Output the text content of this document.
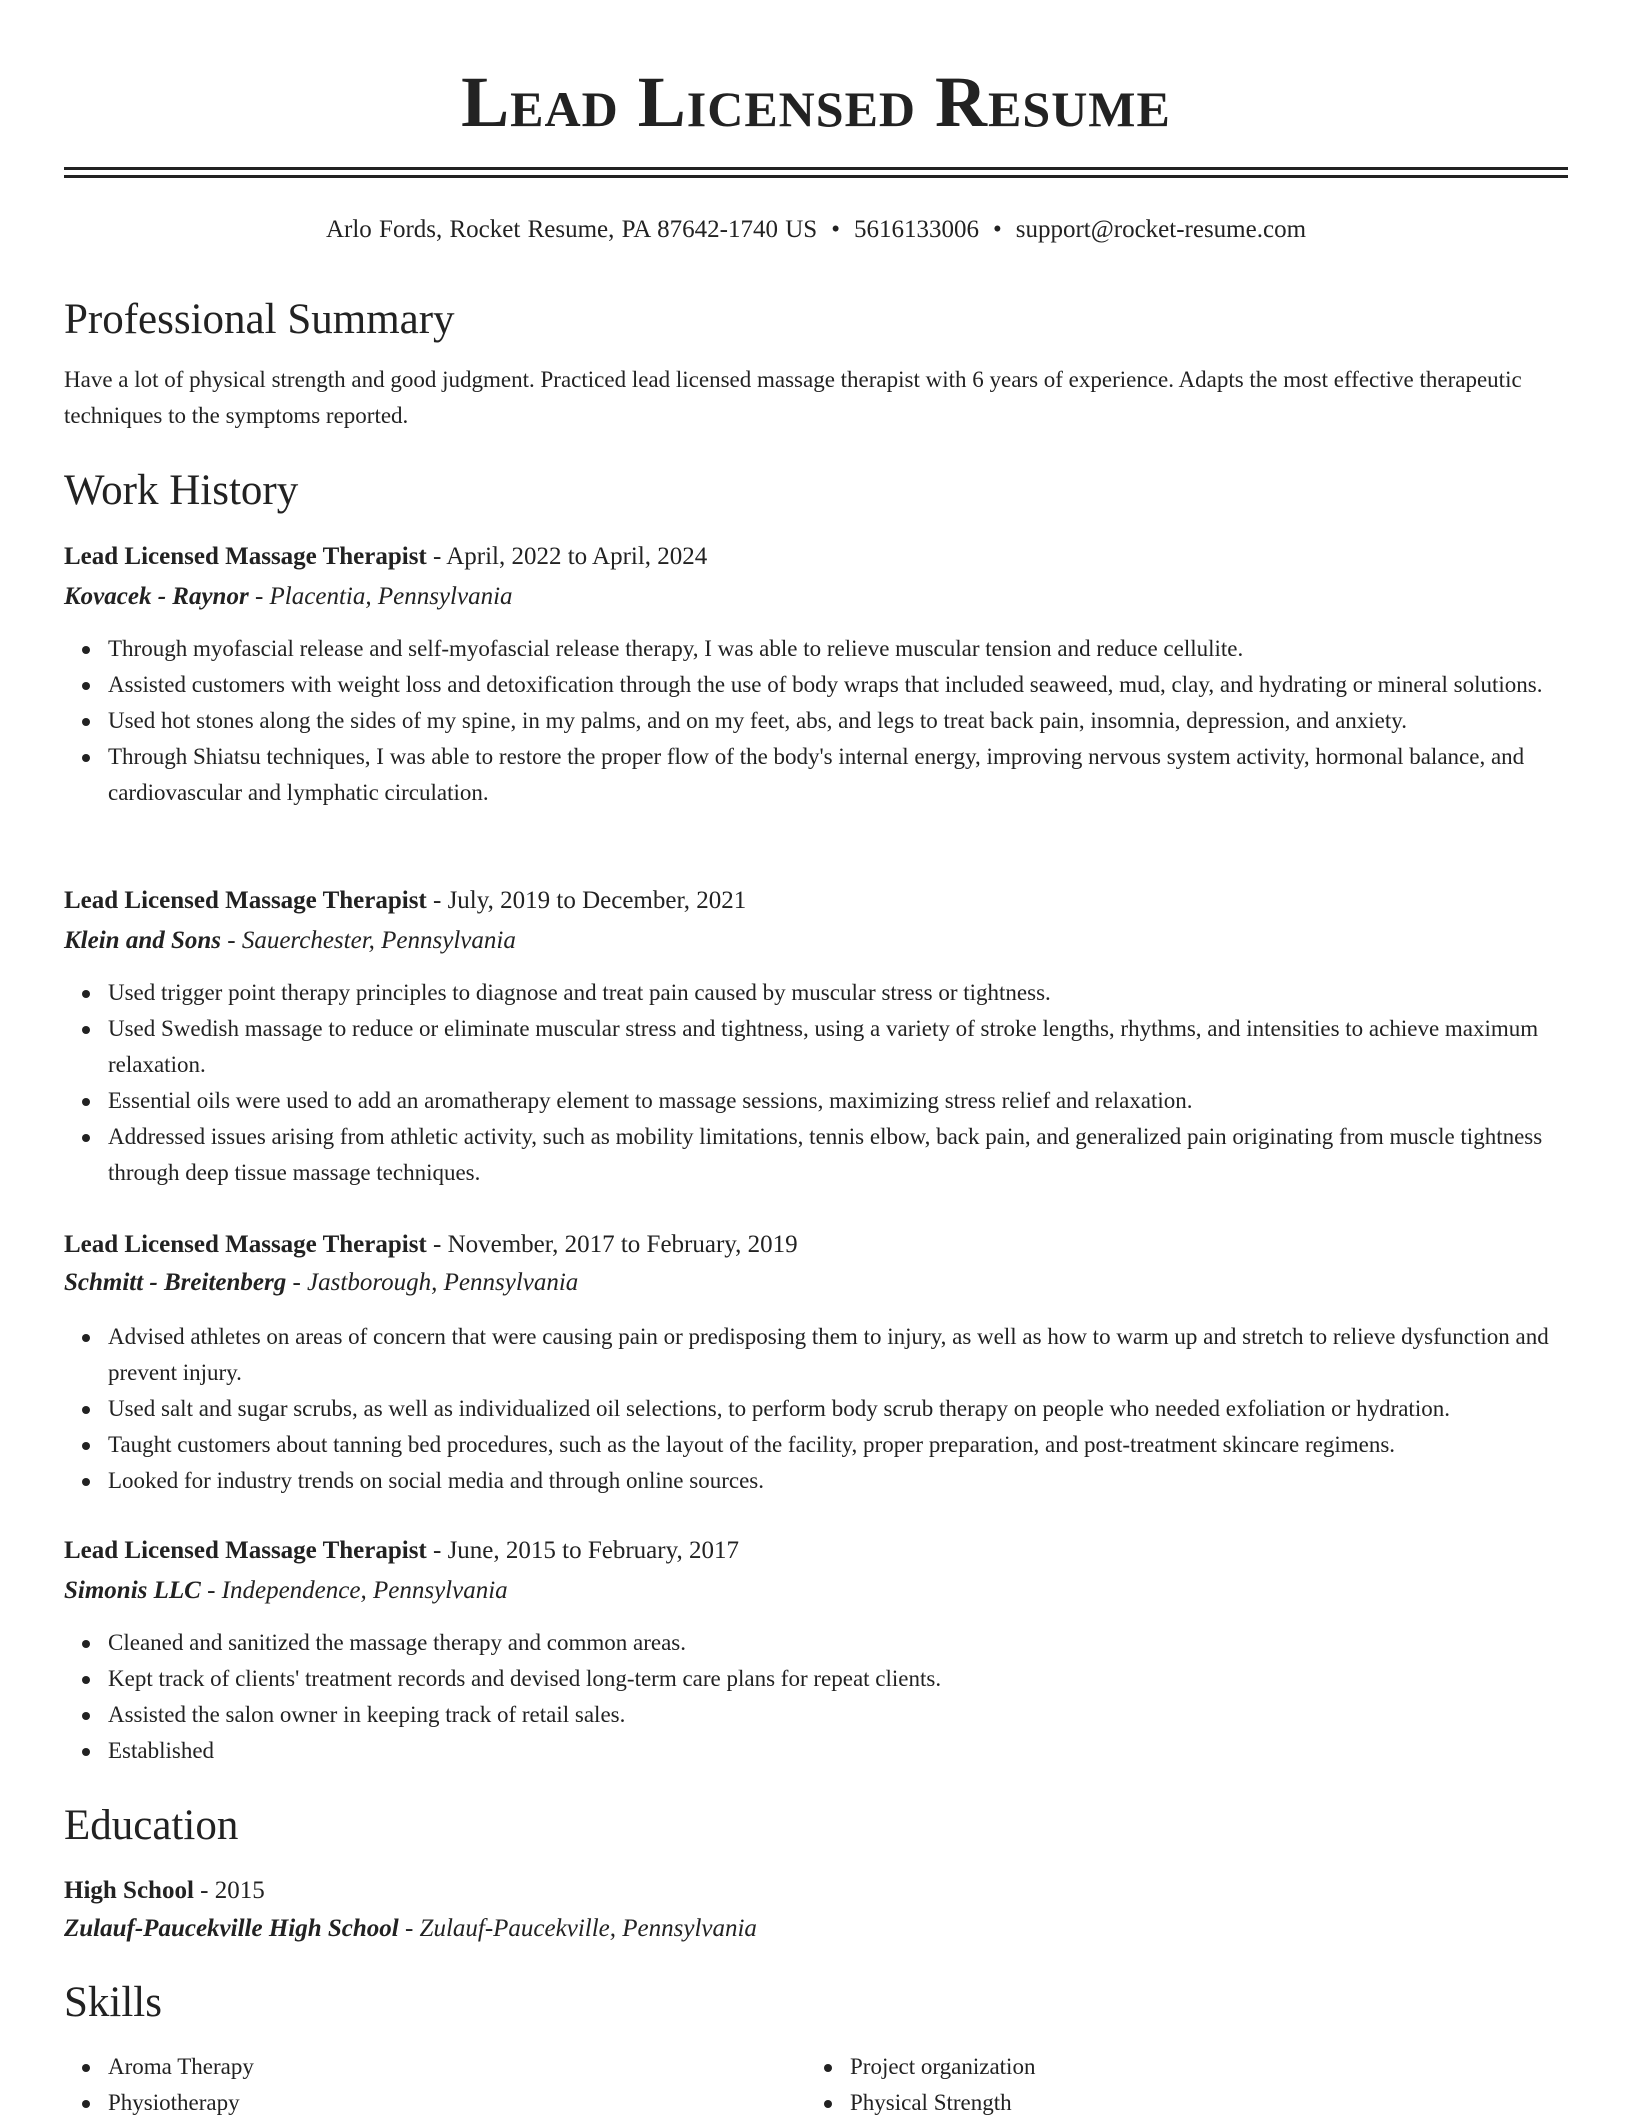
Lead Licensed Resume
Arlo Fords, Rocket Resume, PA 87642-1740 US • 5616133006 • support@rocket-resume.com
Professional Summary

Have a lot of physical strength and good judgment. Practiced lead licensed massage therapist with 6 years of experience. Adapts the most effective therapeutic techniques to the symptoms reported.

Work History
Lead Licensed Massage Therapist - April, 2022 to April, 2024
Kovacek - Raynor - Placentia, Pennsylvania
Through myofascial release and self-myofascial release therapy, I was able to relieve muscular tension and reduce cellulite.
Assisted customers with weight loss and detoxification through the use of body wraps that included seaweed, mud, clay, and hydrating or mineral solutions.
Used hot stones along the sides of my spine, in my palms, and on my feet, abs, and legs to treat back pain, insomnia, depression, and anxiety.
Through Shiatsu techniques, I was able to restore the proper flow of the body's internal energy, improving nervous system activity, hormonal balance, and cardiovascular and lymphatic circulation.
Lead Licensed Massage Therapist - July, 2019 to December, 2021
Klein and Sons - Sauerchester, Pennsylvania
Used trigger point therapy principles to diagnose and treat pain caused by muscular stress or tightness.
Used Swedish massage to reduce or eliminate muscular stress and tightness, using a variety of stroke lengths, rhythms, and intensities to achieve maximum relaxation.
Essential oils were used to add an aromatherapy element to massage sessions, maximizing stress relief and relaxation.
Addressed issues arising from athletic activity, such as mobility limitations, tennis elbow, back pain, and generalized pain originating from muscle tightness through deep tissue massage techniques.
Lead Licensed Massage Therapist - November, 2017 to February, 2019
Schmitt - Breitenberg - Jastborough, Pennsylvania
Advised athletes on areas of concern that were causing pain or predisposing them to injury, as well as how to warm up and stretch to relieve dysfunction and prevent injury.
Used salt and sugar scrubs, as well as individualized oil selections, to perform body scrub therapy on people who needed exfoliation or hydration.
Taught customers about tanning bed procedures, such as the layout of the facility, proper preparation, and post-treatment skincare regimens.
Looked for industry trends on social media and through online sources.
Lead Licensed Massage Therapist - June, 2015 to February, 2017
Simonis LLC - Independence, Pennsylvania
Cleaned and sanitized the massage therapy and common areas.
Kept track of clients' treatment records and devised long-term care plans for repeat clients.
Assisted the salon owner in keeping track of retail sales.
Established
Education
High School - 2015
Zulauf-Paucekville High School - Zulauf-Paucekville, Pennsylvania
Skills
Aroma Therapy
Physiotherapy
Project organization
Physical Strength
